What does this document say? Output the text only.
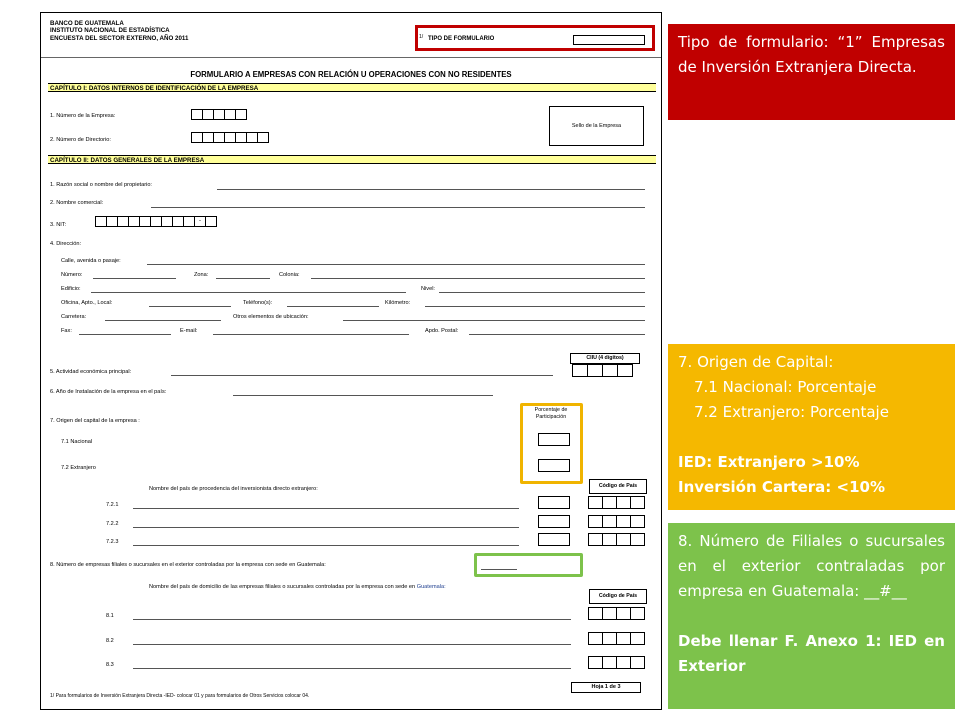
BANCO DE GUATEMALA
INSTITUTO NACIONAL DE ESTADÍSTICA
ENCUESTA DEL SECTOR EXTERNO, AÑO 2011	1/ TIPO DE FORMULARIO
FORMULARIO A EMPRESAS CON RELACIÓN U OPERACIONES CON NO RESIDENTES
CAPÍTULO I: DATOS INTERNOS DE IDENTIFICACIÓN DE LA EMPRESA
1. Número de la Empresa:
2. Número de Directorio:
Sello de la Empresa
CAPÍTULO II: DATOS GENERALES DE LA EMPRESA
1. Razón social o nombre del propietario:
2. Nombre comercial:
3. NIT:
-
4. Dirección:
Calle, avenida o pasaje:
Número:	Zona:	Colonia:
Edificio:	Nivel:
Oficina, Apto., Local:	Teléfono(s):	Kilómetro:
Carretera:	Otros elementos de ubicación:
Fax:	E-mail:	Apdo. Postal:
CIIU (4 dígitos)
5. Actividad económica principal:
6. Año de Instalación de la empresa en el país:
Porcentaje de
Participación
7. Origen del capital de la empresa :
7.1 Nacional
7.2 Extranjero
Nombre del país de procedencia del inversionista directo extranjero:	Código de País
7.2.1
7.2.2
7.2.3
8. Número de empresas filiales o sucursales en el exterior controladas por la empresa con sede en Guatemala:
Nombre del país de domicilio de las empresas filiales o sucursales controladas por la empresa con sede en Guatemala:
Código de País
8.1
8.2
8.3
Hoja 1 de 3
1/ Para formularios de Inversión Extranjera Directa -IED- colocar 01 y para formularios de Otros Servicios colocar 04.

Tipo de formulario: “1” Empresas de Inversión Extranjera Directa.

7. Origen de Capital:

7.1 Nacional: Porcentaje

7.2 Extranjero: Porcentaje

IED: Extranjero >10%

Inversión Cartera: <10%

8. Número de Filiales o sucursales en el exterior contraladas por empresa en Guatemala: __#__

Debe llenar F. Anexo 1: IED en Exterior
